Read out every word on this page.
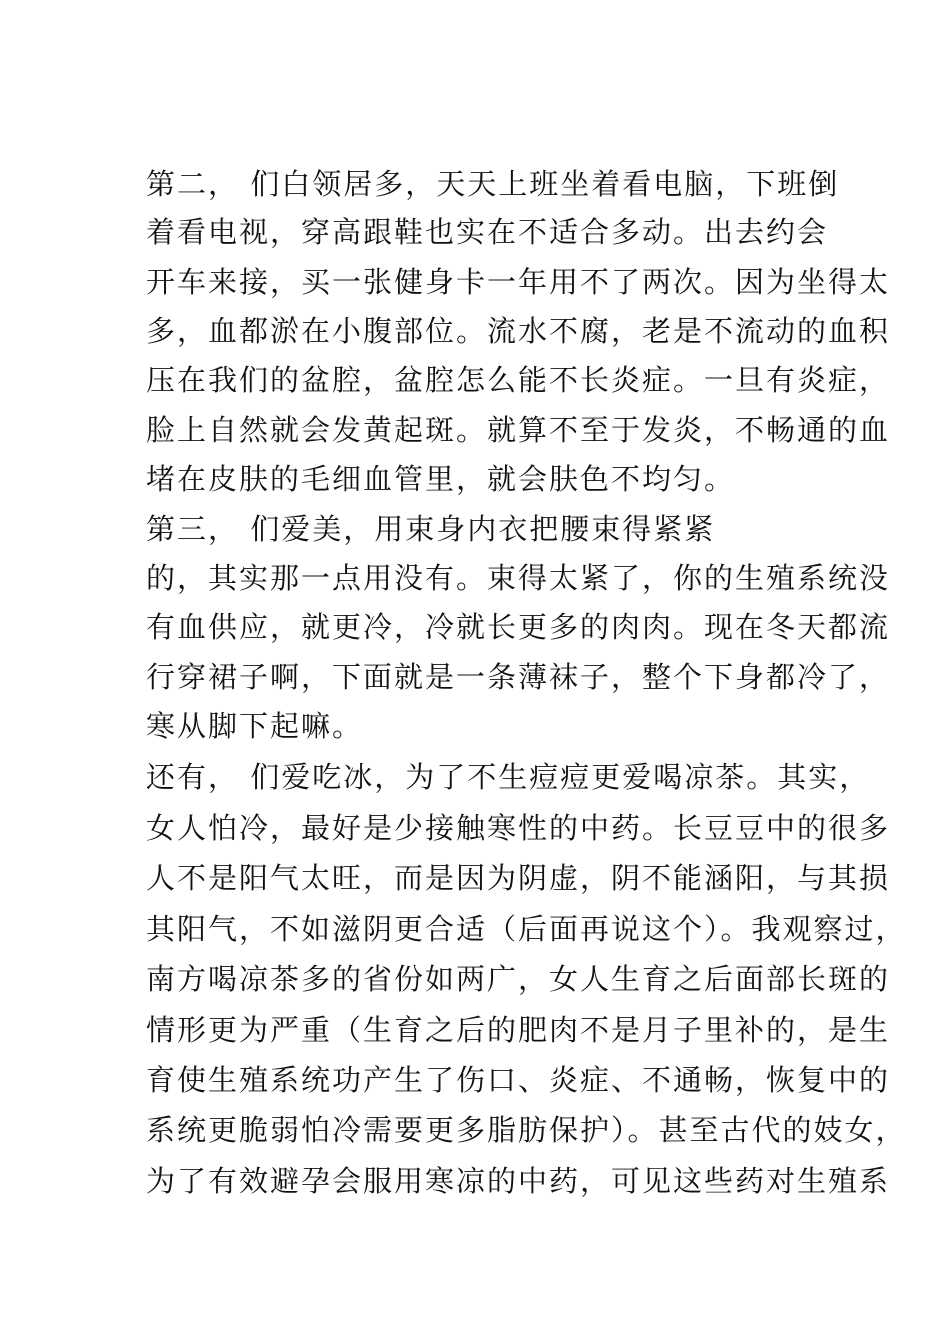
第二， 们白领居多，天天上班坐着看电脑，下班倒
着看电视，穿高跟鞋也实在不适合多动。出去约会
开车来接，买一张健身卡一年用不了两次。因为坐得太
多，血都淤在小腹部位。流水不腐，老是不流动的血积
压在我们的盆腔，盆腔怎么能不长炎症。一旦有炎症，
脸上自然就会发黄起斑。就算不至于发炎，不畅通的血
堵在皮肤的毛细血管里，就会肤色不均匀。
第三， 们爱美，用束身内衣把腰束得紧紧
的，其实那一点用没有。束得太紧了，你的生殖系统没
有血供应，就更冷，冷就长更多的肉肉。现在冬天都流
行穿裙子啊，下面就是一条薄袜子，整个下身都冷了，
寒从脚下起嘛。
还有， 们爱吃冰，为了不生痘痘更爱喝凉茶。其实，
女人怕冷，最好是少接触寒性的中药。长豆豆中的很多
人不是阳气太旺，而是因为阴虚，阴不能涵阳，与其损
其阳气，不如滋阴更合适（后面再说这个）。我观察过，
南方喝凉茶多的省份如两广，女人生育之后面部长斑的
情形更为严重（生育之后的肥肉不是月子里补的，是生
育使生殖系统功产生了伤口、炎症、不通畅，恢复中的
系统更脆弱怕冷需要更多脂肪保护）。甚至古代的妓女，
为了有效避孕会服用寒凉的中药，可见这些药对生殖系
